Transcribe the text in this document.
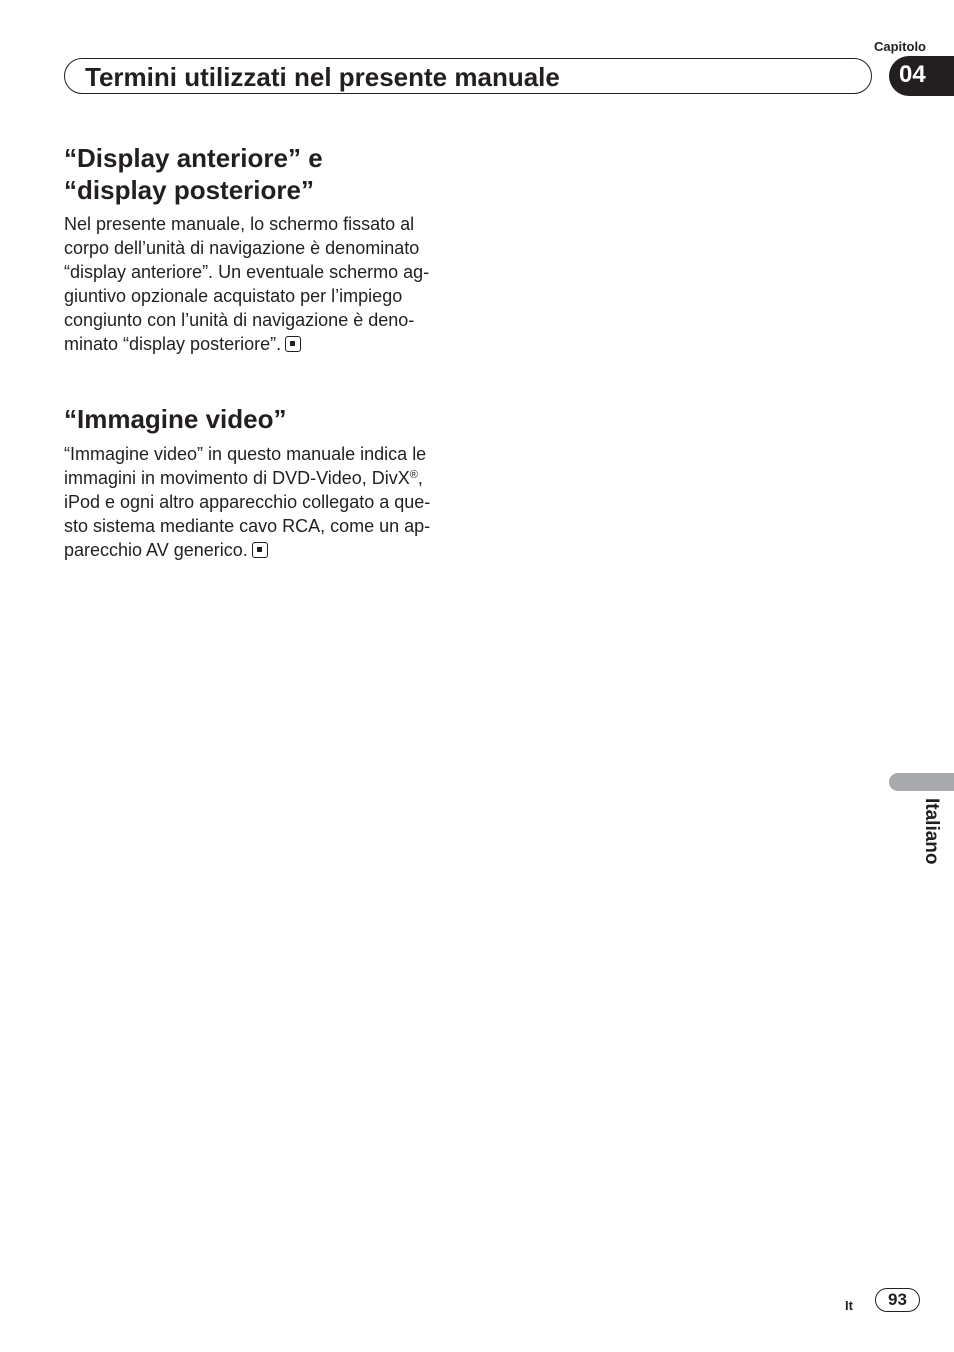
Capitolo
Termini utilizzati nel presente manuale	04
“Display anteriore” e
“display posteriore”
Nel presente manuale, lo schermo fissato al
corpo dell’unità di navigazione è denominato
“display anteriore”. Un eventuale schermo ag-
giuntivo opzionale acquistato per l’impiego
congiunto con l’unità di navigazione è deno-
minato “display posteriore”.
“Immagine video”
“Immagine video” in questo manuale indica le
immagini in movimento di DVD-Video, DivX®,
iPod e ogni altro apparecchio collegato a que-
sto sistema mediante cavo RCA, come un ap-
parecchio AV generico.
Italiano
It	93
